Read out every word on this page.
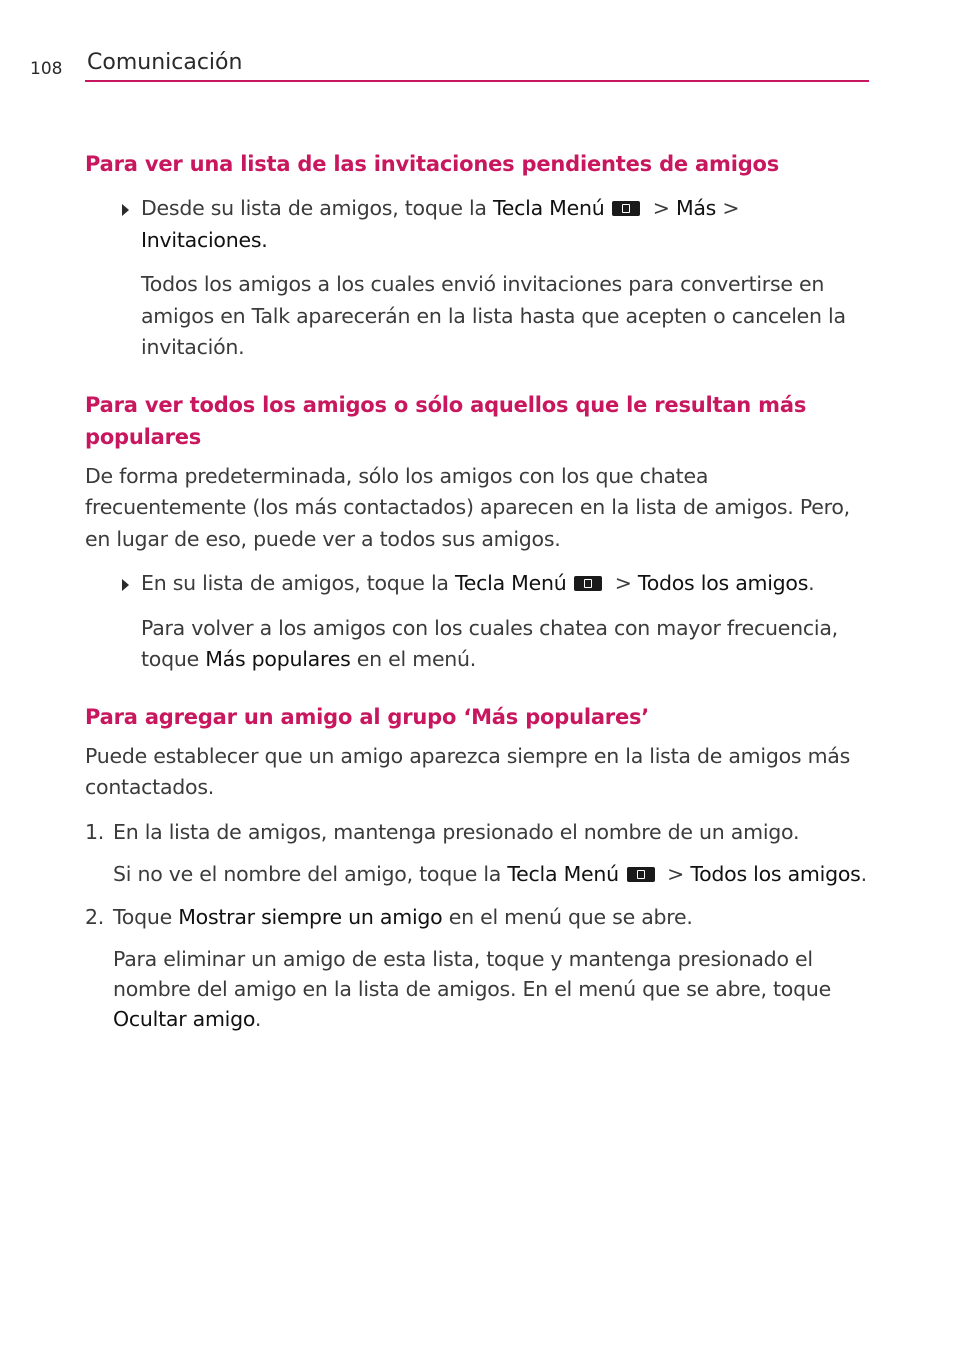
108 Comunicación
Para ver una lista de las invitaciones pendientes de amigos

Desde su lista de amigos, toque la Tecla Menú > Más >
Invitaciones.

Todos los amigos a los cuales envió invitaciones para convertirse en amigos en Talk aparecerán en la lista hasta que acepten o cancelen la invitación.

Para ver todos los amigos o sólo aquellos que le resultan más populares

De forma predeterminada, sólo los amigos con los que chatea frecuentemente (los más contactados) aparecen en la lista de amigos. Pero, en lugar de eso, puede ver a todos sus amigos.

En su lista de amigos, toque la Tecla Menú > Todos los amigos.

Para volver a los amigos con los cuales chatea con mayor frecuencia, toque Más populares en el menú.

Para agregar un amigo al grupo ‘Más populares’

Puede establecer que un amigo aparezca siempre en la lista de amigos más contactados.

1. En la lista de amigos, mantenga presionado el nombre de un amigo.

Si no ve el nombre del amigo, toque la Tecla Menú > Todos los amigos.

2. Toque Mostrar siempre un amigo en el menú que se abre.

Para eliminar un amigo de esta lista, toque y mantenga presionado el nombre del amigo en la lista de amigos. En el menú que se abre, toque Ocultar amigo.
